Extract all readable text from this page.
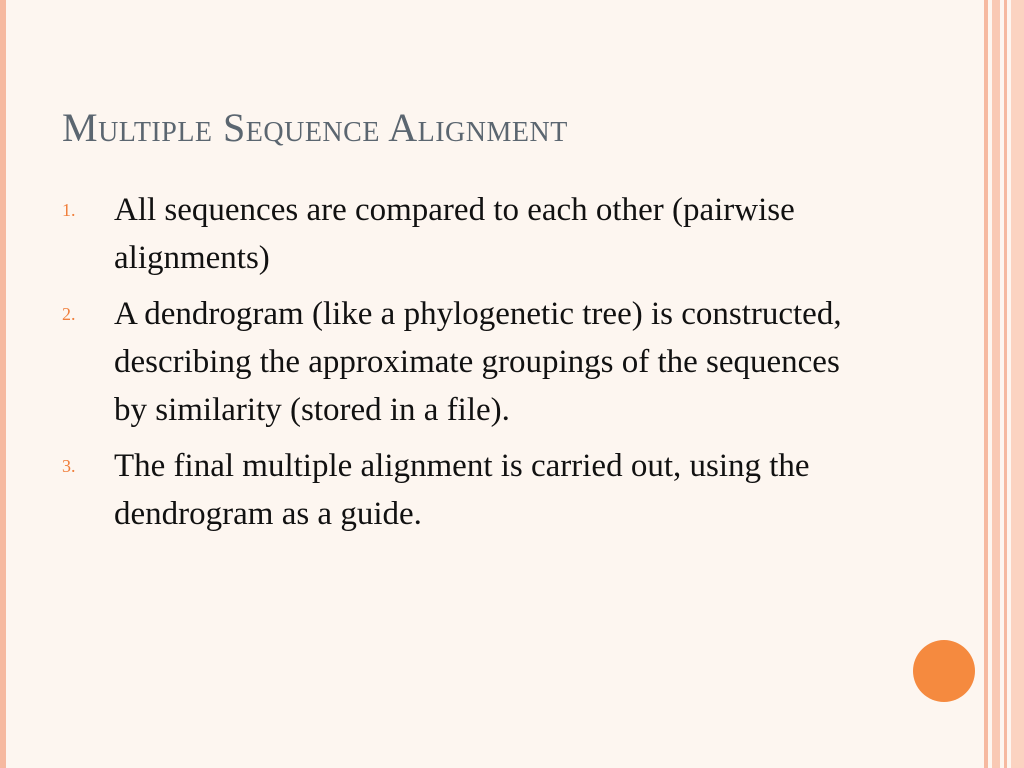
Multiple Sequence Alignment
1.	All sequences are compared to each other (pairwise alignments)
2.	A dendrogram (like a phylogenetic tree) is constructed, describing the approximate groupings of the sequences by similarity (stored in a file).
3.	The final multiple alignment is carried out, using the dendrogram as a guide.
